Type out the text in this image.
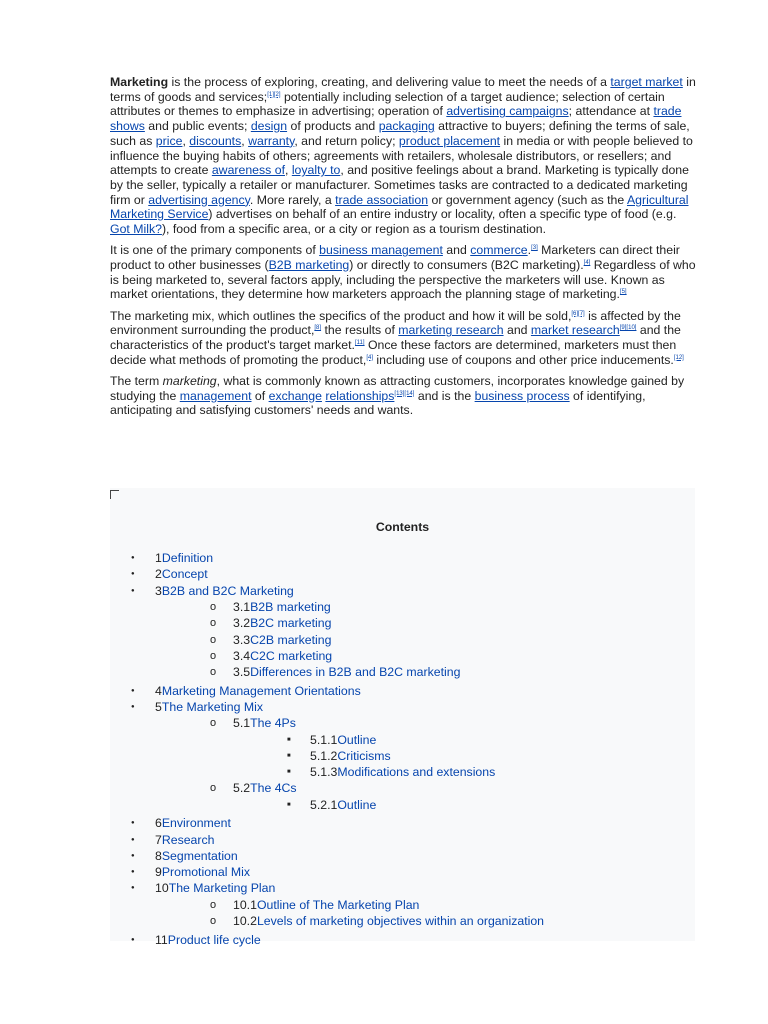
Marketing is the process of exploring, creating, and delivering value to meet the needs of a target market in terms of goods and services;[1][2] potentially including selection of a target audience; selection of certain attributes or themes to emphasize in advertising; operation of advertising campaigns; attendance at trade shows and public events; design of products and packaging attractive to buyers; defining the terms of sale, such as price, discounts, warranty, and return policy; product placement in media or with people believed to influence the buying habits of others; agreements with retailers, wholesale distributors, or resellers; and attempts to create awareness of, loyalty to, and positive feelings about a brand. Marketing is typically done by the seller, typically a retailer or manufacturer. Sometimes tasks are contracted to a dedicated marketing firm or advertising agency. More rarely, a trade association or government agency (such as the Agricultural Marketing Service) advertises on behalf of an entire industry or locality, often a specific type of food (e.g. Got Milk?), food from a specific area, or a city or region as a tourism destination.

It is one of the primary components of business management and commerce.[3] Marketers can direct their product to other businesses (B2B marketing) or directly to consumers (B2C marketing).[4] Regardless of who is being marketed to, several factors apply, including the perspective the marketers will use. Known as market orientations, they determine how marketers approach the planning stage of marketing.[5]

The marketing mix, which outlines the specifics of the product and how it will be sold,[6][7] is affected by the environment surrounding the product,[8] the results of marketing research and market research[9][10] and the characteristics of the product's target market.[11] Once these factors are determined, marketers must then decide what methods of promoting the product,[4] including use of coupons and other price inducements.[12]

The term marketing, what is commonly known as attracting customers, incorporates knowledge gained by studying the management of exchange relationships[13][14] and is the business process of identifying, anticipating and satisfying customers' needs and wants.

Contents
●
1Definition
●
2Concept
●
3B2B and B2C Marketing
o
3.1B2B marketing
o
3.2B2C marketing
o
3.3C2B marketing
o
3.4C2C marketing
o
3.5Differences in B2B and B2C marketing
●
4Marketing Management Orientations
●
5The Marketing Mix
o
5.1The 4Ps
■
5.1.1Outline
■
5.1.2Criticisms
■
5.1.3Modifications and extensions
o
5.2The 4Cs
■
5.2.1Outline
●
6Environment
●
7Research
●
8Segmentation
●
9Promotional Mix
●
10The Marketing Plan
o
10.1Outline of The Marketing Plan
o
10.2Levels of marketing objectives within an organization
●
11Product life cycle
